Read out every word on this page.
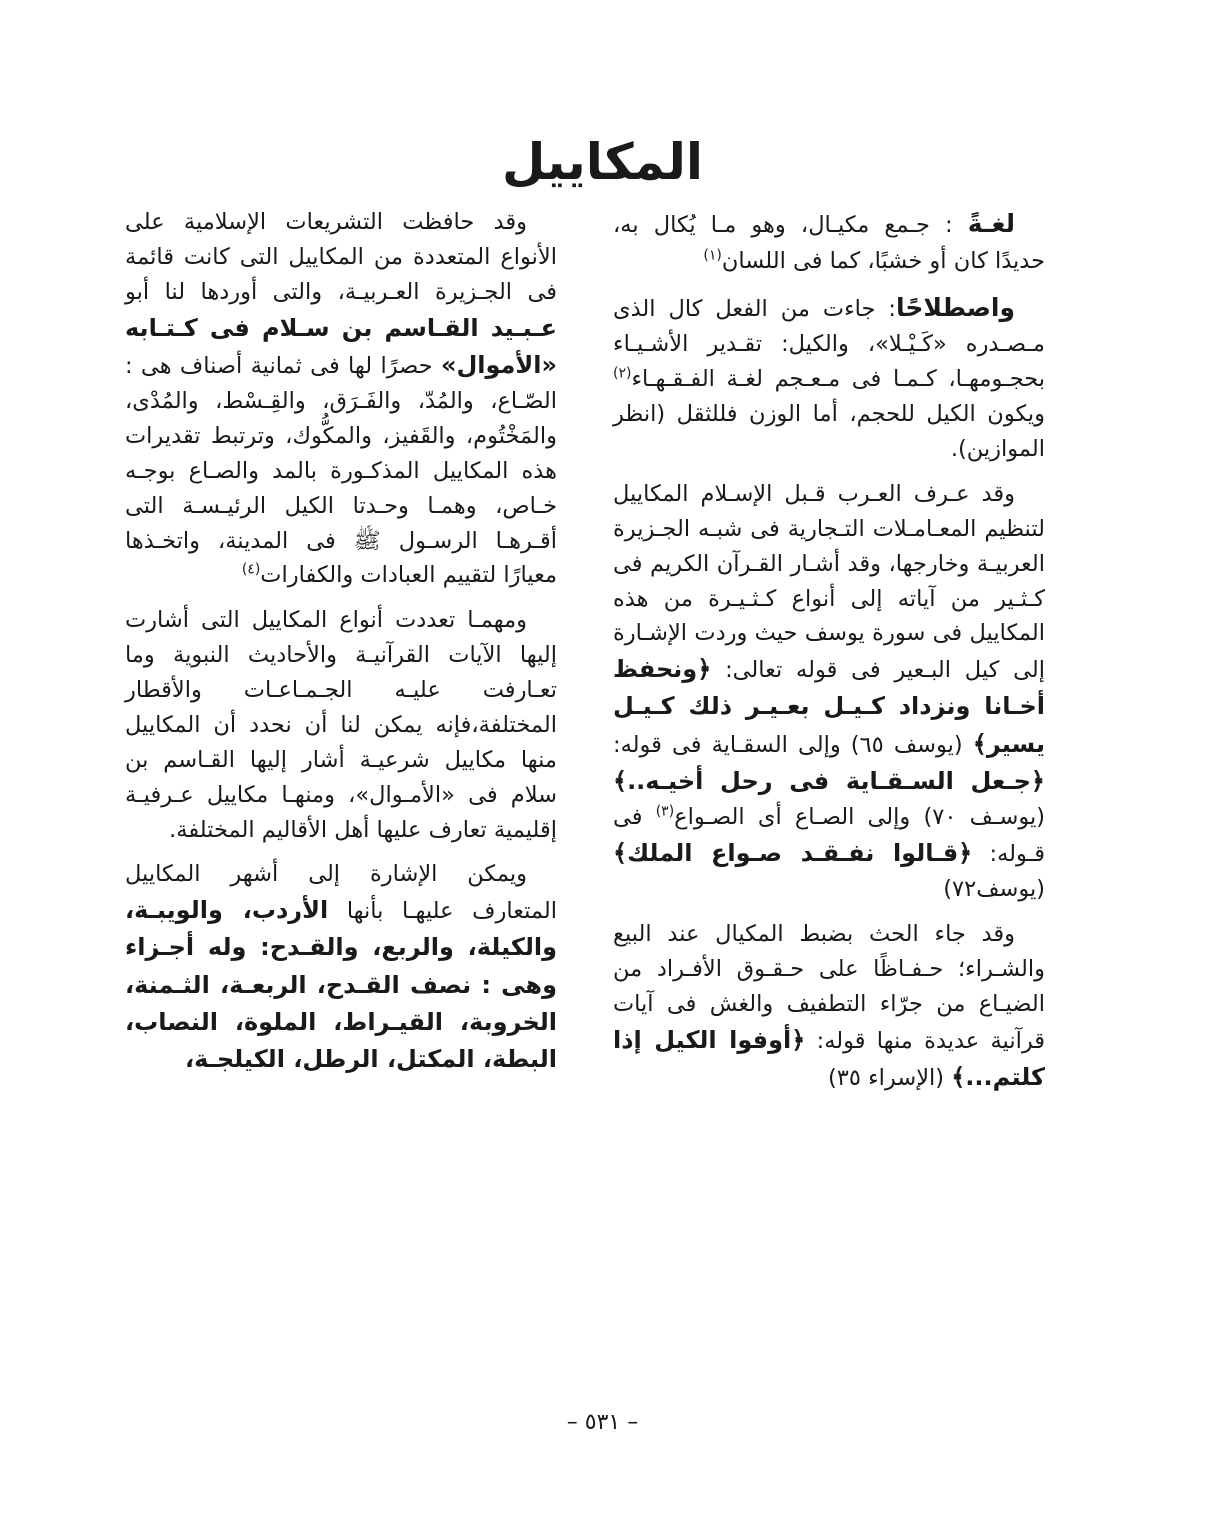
المكاييل

لغـةً : جـمع مكيـال، وهو مـا يُكال به، حديدًا كان أو خشبًا، كما فى اللسان$^{(١)}$

واصطلاحًا: جاءت من الفعل كال الذى مـصـدره «كَـيْـلا»، والكيل: تقـدير الأشـيـاء بحجـومهـا، كـمـا فى مـعـجم لغـة الفـقـهـاء$^{(٢)}$ ويكون الكيل للحجم، أما الوزن فللثقل (انظر الموازين).

وقد عـرف العـرب قـبل الإسـلام المكاييل لتنظيم المعـامـلات التـجارية فى شبـه الجـزيرة العربيـة وخارجها، وقد أشـار القـرآن الكريم فى كـثـير من آياته إلى أنواع كـثـيـرة من هذه المكاييل فى سورة يوسف حيث وردت الإشـارة إلى كيل البـعير فى قوله تعالى: ﴿ونحفظ أخـانا ونزداد كـيـل بعـيـر ذلك كـيـل يسير﴾ (يوسف ٦٥) وإلى السقـاية فى قوله: ﴿جـعل السـقـاية فى رحل أخيـه..﴾ (يوسـف ٧٠) وإلى الصـاع أى الصـواع$^{(٣)}$ فى قـوله: ﴿قـالوا نفـقـد صـواع الملك﴾ (يوسف٧٢)

وقد جاء الحث بضبط المكيال عند البيع والشـراء؛ حـفـاظًا على حـقـوق الأفـراد من الضيـاع من جرّاء التطفيف والغش فى آيات قرآنية عديدة منها قوله: ﴿أوفوا الكيل إذا كلتم...﴾ (الإسراء ٣٥)

وقد حافظت التشريعات الإسلامية على الأنواع المتعددة من المكاييل التى كانت قائمة فى الجـزيرة العـربيـة، والتى أوردها لنا أبو عـبـيد القـاسم بن سـلام فى كـتـابه «الأموال» حصرًا لها فى ثمانية أصناف هى : الصّـاع، والمُدّ، والفَـرَق، والقِـسْط، والمُدْى، والمَخْتُوم، والقَفيز، والمكُّوك، وترتبط تقديرات هذه المكاييل المذكـورة بالمد والصـاع بوجـه خـاص، وهمـا وحـدتا الكيل الرئيـسـة التى أقـرهـا الرسـول ﷺ فى المدينة، واتخـذها معيارًا لتقييم العبادات والكفارات$^{(٤)}$

ومهمـا تعددت أنواع المكاييل التى أشارت إليها الآيات القرآنيـة والأحاديث النبوية وما تعـارفت عليـه الجـمـاعـات والأقطار المختلفة،فإنه يمكن لنا أن نحدد أن المكاييل منها مكاييل شرعيـة أشار إليها القـاسم بن سلام فى «الأمـوال»، ومنهـا مكاييل عـرفيـة إقليمية تعارف عليها أهل الأقاليم المختلفة.

ويمكن الإشارة إلى أشهر المكاييل المتعارف عليهـا بأنها الأردب، والويبـة، والكيلة، والربع، والقـدح: وله أجـزاء وهى : نصف القـدح، الربعـة، الثـمنة، الخروبة، القيـراط، الملوة، النصاب، البطة، المكتل، الرطل، الكيلجـة،

– ٥٣١ –
